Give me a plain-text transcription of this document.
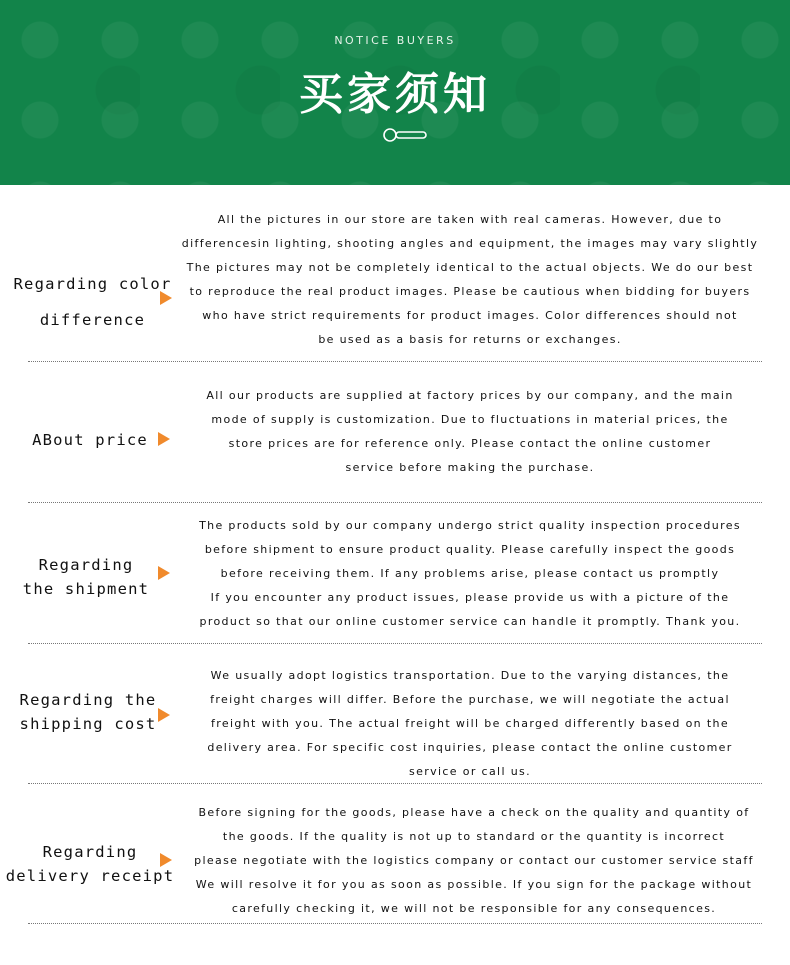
NOTICE BUYERS
买家须知
Regarding color
difference
All the pictures in our store are taken with real cameras. However, due to
differencesin lighting, shooting angles and equipment, the images may vary slightly
The pictures may not be completely identical to the actual objects. We do our best
to reproduce the real product images. Please be cautious when bidding for buyers
who have strict requirements for product images. Color differences should not
be used as a basis for returns or exchanges.
ABout price
All our products are supplied at factory prices by our company, and the main
mode of supply is customization. Due to fluctuations in material prices, the
store prices are for reference only. Please contact the online customer
service before making the purchase.
Regarding
the shipment
The products sold by our company undergo strict quality inspection procedures
before shipment to ensure product quality. Please carefully inspect the goods
before receiving them. If any problems arise, please contact us promptly
If you encounter any product issues, please provide us with a picture of the
product so that our online customer service can handle it promptly. Thank you.
Regarding the
shipping cost
We usually adopt logistics transportation. Due to the varying distances, the
freight charges will differ. Before the purchase, we will negotiate the actual
freight with you. The actual freight will be charged differently based on the
delivery area. For specific cost inquiries, please contact the online customer
service or call us.
Regarding
delivery receipt
Before signing for the goods, please have a check on the quality and quantity of
the goods. If the quality is not up to standard or the quantity is incorrect
please negotiate with the logistics company or contact our customer service staff
We will resolve it for you as soon as possible. If you sign for the package without
carefully checking it, we will not be responsible for any consequences.
